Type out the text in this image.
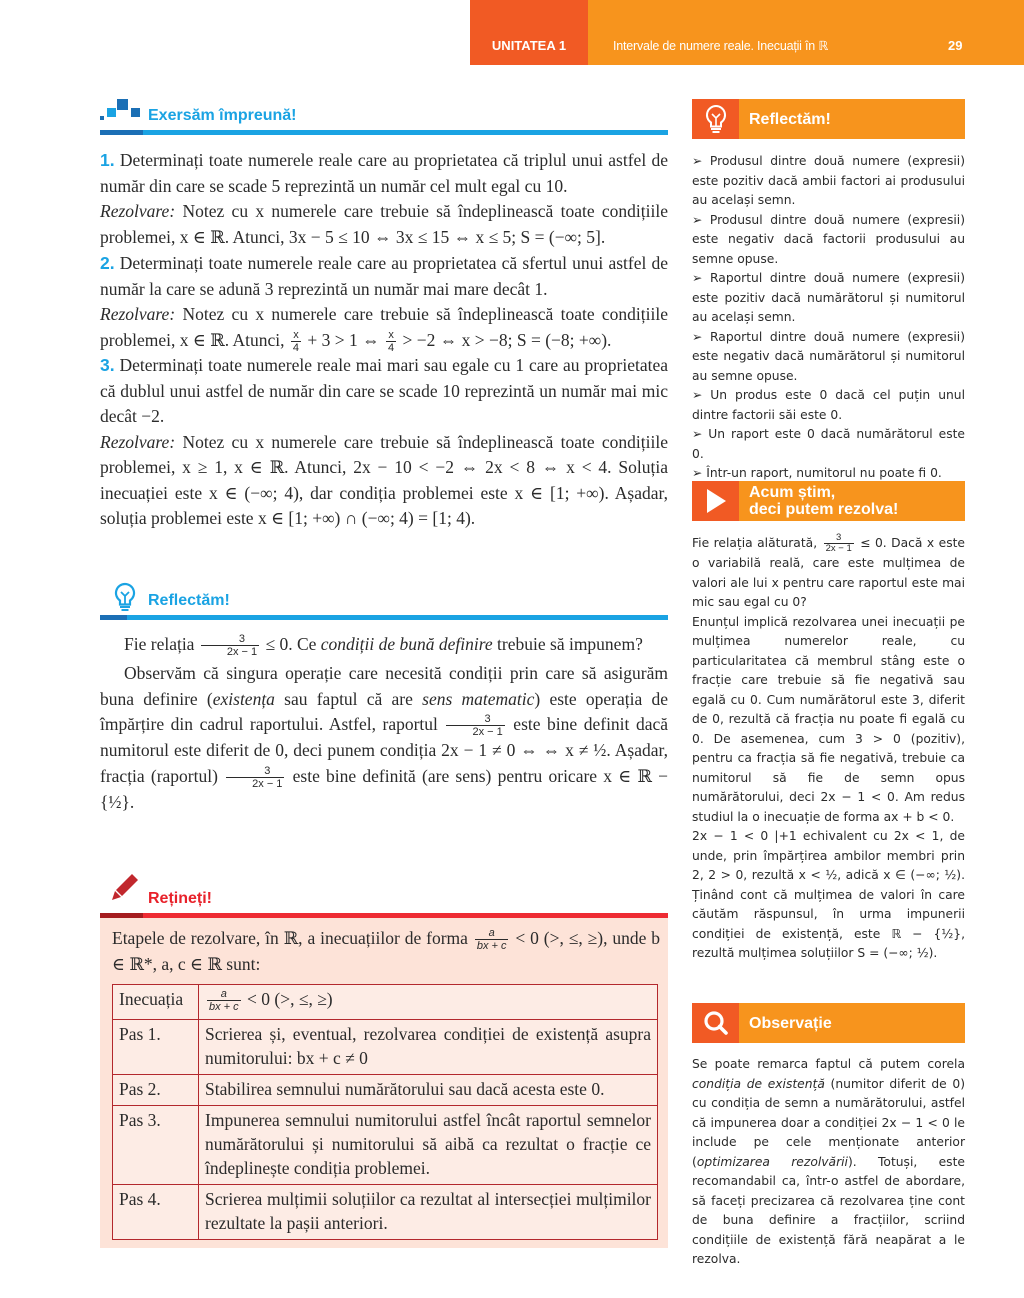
UNITATEA 1	Intervale de numere reale. Inecuații în ℝ	29
Exersăm împreună!
1. Determinați toate numerele reale care au proprietatea că triplul unui astfel de număr din care se scade 5 reprezintă un număr cel mult egal cu 10.
Rezolvare: Notez cu x numerele care trebuie să îndeplinească toate condițiile problemei, x ∈ ℝ. Atunci, 3x − 5 ≤ 10 ⇔ 3x ≤ 15 ⇔ x ≤ 5; S = (−∞; 5].
2. Determinați toate numerele reale care au proprietatea că sfertul unui astfel de număr la care se adună 3 reprezintă un număr mai mare decât 1.
Rezolvare: Notez cu x numerele care trebuie să îndeplinească toate condițiile problemei, x ∈ ℝ. Atunci, $\frac{x}{4} + 3 > 1$ ⇔ $\frac{x}{4} > -2$ ⇔ x > −8; S = (−8; +∞).
3. Determinați toate numerele reale mai mari sau egale cu 1 care au proprietatea că dublul unui astfel de număr din care se scade 10 reprezintă un număr mai mic decât −2.
Rezolvare: Notez cu x numerele care trebuie să îndeplinească toate condițiile problemei, x ≥ 1, x ∈ ℝ. Atunci, 2x − 10 < −2 ⇔ 2x < 8 ⇔ x < 4. Soluția inecuației este x ∈ (−∞; 4), dar condiția problemei este x ∈ [1; +∞). Așadar, soluția problemei este x ∈ [1; +∞) ∩ (−∞; 4) = [1; 4).
Reflectăm!
Fie relația $\frac{3}{2x - 1} \le 0$. Ce condiții de bună definire trebuie să impunem?
Observăm că singura operație care necesită condiții prin care să asigurăm buna definire (existența sau faptul că are sens matematic) este operația de împărțire din cadrul raportului. Astfel, raportul $\frac{3}{2x - 1}$ este bine definit dacă numitorul este diferit de 0, deci punem condiția 2x − 1 ≠ 0 ⇔ ⇔ x ≠ ½. Așadar, fracția (raportul) $\frac{3}{2x - 1}$ este bine definită (are sens) pentru oricare x ∈ ℝ − {½}.
Rețineți!
Etapele de rezolvare, în ℝ, a inecuațiilor de forma $\frac{a}{bx + c} < 0$ (>, ≤, ≥), unde b ∈ ℝ*, a, c ∈ ℝ sunt:
Inecuația	$\frac{a}{bx + c} < 0$ (>, ≤, ≥)
Pas 1.	Scrierea și, eventual, rezolvarea condiției de existență asupra numitorului: bx + c ≠ 0
Pas 2.	Stabilirea semnului numărătorului sau dacă acesta este 0.
Pas 3.	Impunerea semnului numitorului astfel încât raportul semnelor numărătorului și numitorului să aibă ca rezultat o fracție ce îndeplinește condiția problemei.
Pas 4.	Scrierea mulțimii soluțiilor ca rezultat al intersecției mulțimilor rezultate la pașii anteriori.
Reflectăm!

➢ Produsul dintre două numere (expresii) este pozitiv dacă ambii factori ai produsului au același semn.

➢ Produsul dintre două numere (expresii) este negativ dacă factorii produsului au semne opuse.

➢ Raportul dintre două numere (expresii) este pozitiv dacă numărătorul și numitorul au același semn.

➢ Raportul dintre două numere (expresii) este negativ dacă numărătorul și numitorul au semne opuse.

➢ Un produs este 0 dacă cel puțin unul dintre factorii săi este 0.

➢ Un raport este 0 dacă numărătorul este 0.

➢ Într-un raport, numitorul nu poate fi 0.

Acum știm,
deci putem rezolva!

Fie relația alăturată, $\frac{3}{2x - 1} \le 0$. Dacă x este o variabilă reală, care este mulțimea de valori ale lui x pentru care raportul este mai mic sau egal cu 0?

Enunțul implică rezolvarea unei inecuații pe mulțimea numerelor reale, cu particularitatea că membrul stâng este o fracție care trebuie să fie negativă sau egală cu 0. Cum numărătorul este 3, diferit de 0, rezultă că fracția nu poate fi egală cu 0. De asemenea, cum 3 > 0 (pozitiv), pentru ca fracția să fie negativă, trebuie ca numitorul să fie de semn opus numărătorului, deci 2x − 1 < 0. Am redus studiul la o inecuație de forma ax + b < 0.

2x − 1 < 0 |+1 echivalent cu 2x < 1, de unde, prin împărțirea ambilor membri prin 2, 2 > 0, rezultă x < ½, adică x ∈ (−∞; ½). Ținând cont că mulțimea de valori în care căutăm răspunsul, în urma impunerii condiției de existență, este ℝ − {½}, rezultă mulțimea soluțiilor S = (−∞; ½).

Observație

Se poate remarca faptul că putem corela condiția de existență (numitor diferit de 0) cu condiția de semn a numărătorului, astfel că impunerea doar a condiției 2x − 1 < 0 le include pe cele menționate anterior (optimizarea rezolvării). Totuși, este recomandabil ca, într-o astfel de abordare, să faceți precizarea că rezolvarea ține cont de buna definire a fracțiilor, scriind condițiile de existență fără neapărat a le rezolva.
